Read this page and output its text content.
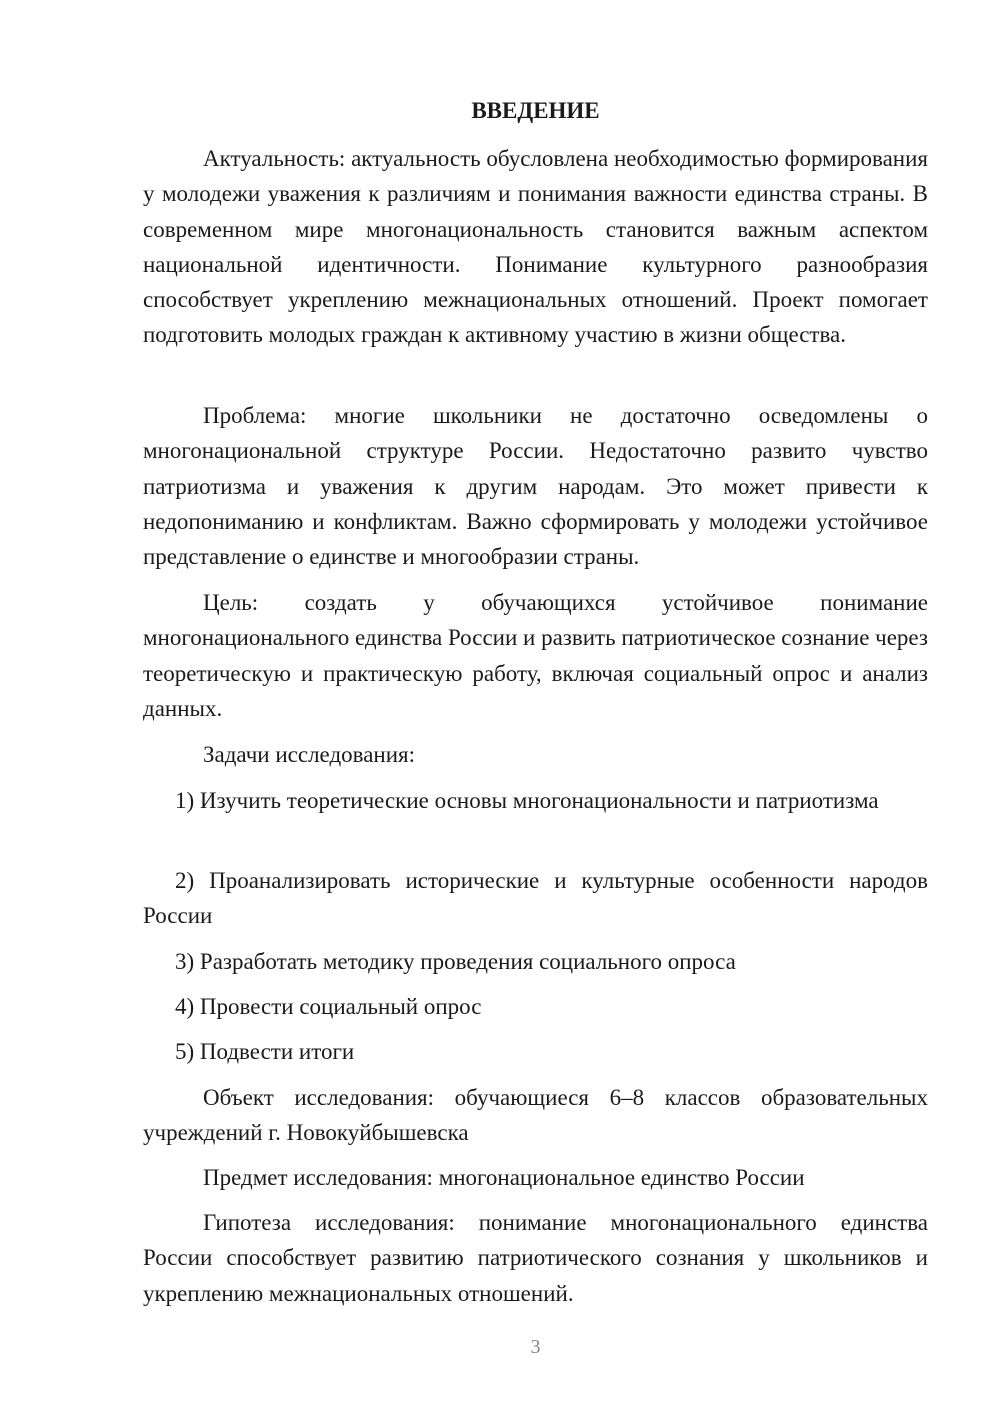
ВВЕДЕНИЕ

Актуальность: актуальность обусловлена необходимостью формирования у молодежи уважения к различиям и понимания важности единства страны. В современном мире многонациональность становится важным аспектом национальной идентичности. Понимание культурного разнообразия способствует укреплению межнациональных отношений. Проект помогает подготовить молодых граждан к активному участию в жизни общества.

Проблема: многие школьники не достаточно осведомлены о многонациональной структуре России. Недостаточно развито чувство патриотизма и уважения к другим народам. Это может привести к недопониманию и конфликтам. Важно сформировать у молодежи устойчивое представление о единстве и многообразии страны.

Цель: создать у обучающихся устойчивое понимание многонационального единства России и развить патриотическое сознание через теоретическую и практическую работу, включая социальный опрос и анализ данных.

Задачи исследования:

1) Изучить теоретические основы многонациональности и патриотизма

2) Проанализировать исторические и культурные особенности народов России

3) Разработать методику проведения социального опроса

4) Провести социальный опрос

5) Подвести итоги

Объект исследования: обучающиеся 6–8 классов образовательных учреждений г. Новокуйбышевска

Предмет исследования: многонациональное единство России

Гипотеза исследования: понимание многонационального единства России способствует развитию патриотического сознания у школьников и укреплению межнациональных отношений.

3
